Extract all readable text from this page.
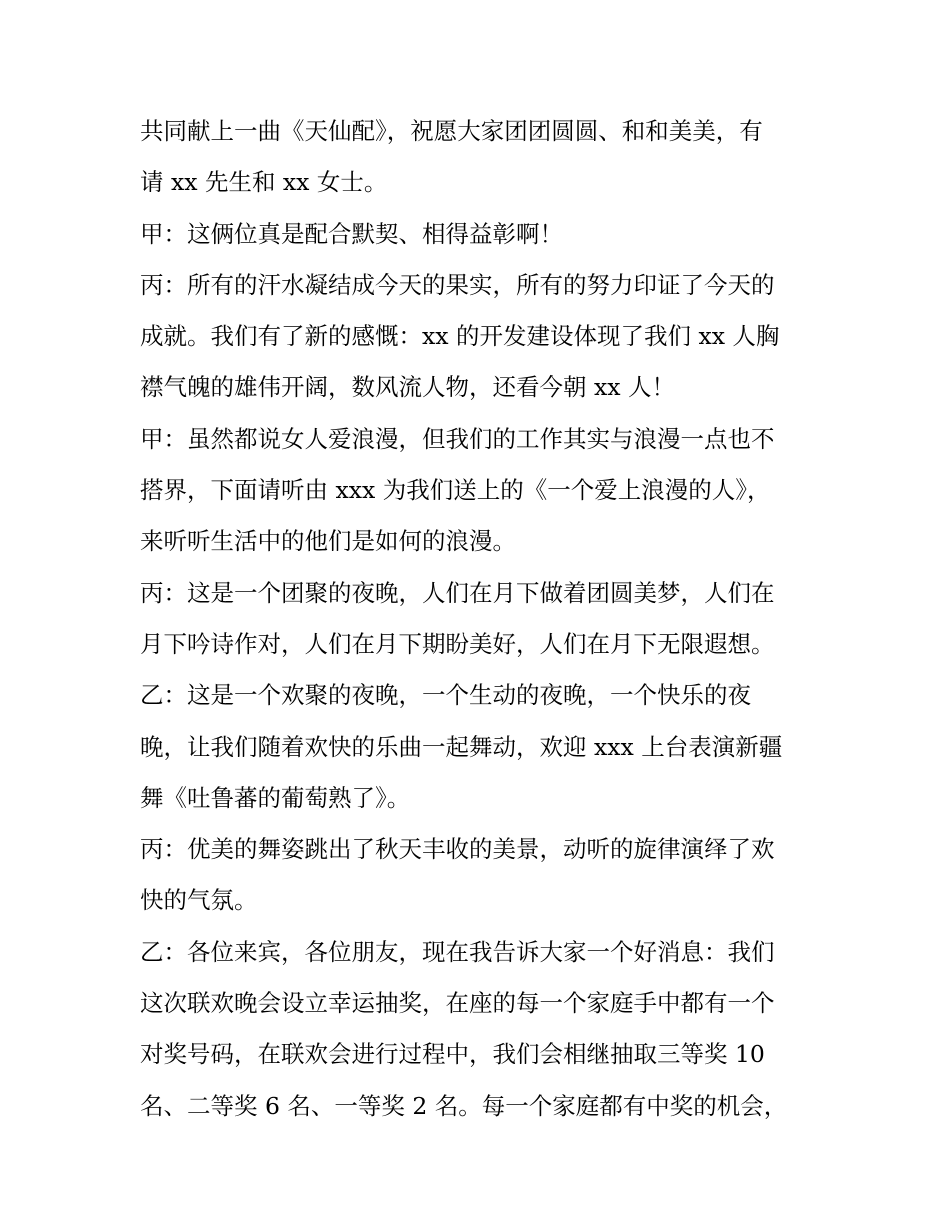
共同献上一曲《天仙配》，祝愿大家团团圆圆、和和美美，有
请 xx 先生和 xx 女士。
甲：这俩位真是配合默契、相得益彰啊！
丙：所有的汗水凝结成今天的果实，所有的努力印证了今天的
成就。我们有了新的感慨：xx 的开发建设体现了我们 xx 人胸
襟气魄的雄伟开阔，数风流人物，还看今朝 xx 人！
甲：虽然都说女人爱浪漫，但我们的工作其实与浪漫一点也不
搭界，下面请听由 xxx 为我们送上的《一个爱上浪漫的人》，
来听听生活中的他们是如何的浪漫。
丙：这是一个团聚的夜晚，人们在月下做着团圆美梦，人们在
月下吟诗作对，人们在月下期盼美好，人们在月下无限遐想。
乙：这是一个欢聚的夜晚，一个生动的夜晚，一个快乐的夜
晚，让我们随着欢快的乐曲一起舞动，欢迎 xxx 上台表演新疆
舞《吐鲁蕃的葡萄熟了》。
丙：优美的舞姿跳出了秋天丰收的美景，动听的旋律演绎了欢
快的气氛。
乙：各位来宾，各位朋友，现在我告诉大家一个好消息：我们
这次联欢晚会设立幸运抽奖，在座的每一个家庭手中都有一个
对奖号码，在联欢会进行过程中，我们会相继抽取三等奖 10
名、二等奖 6 名、一等奖 2 名。每一个家庭都有中奖的机会，
